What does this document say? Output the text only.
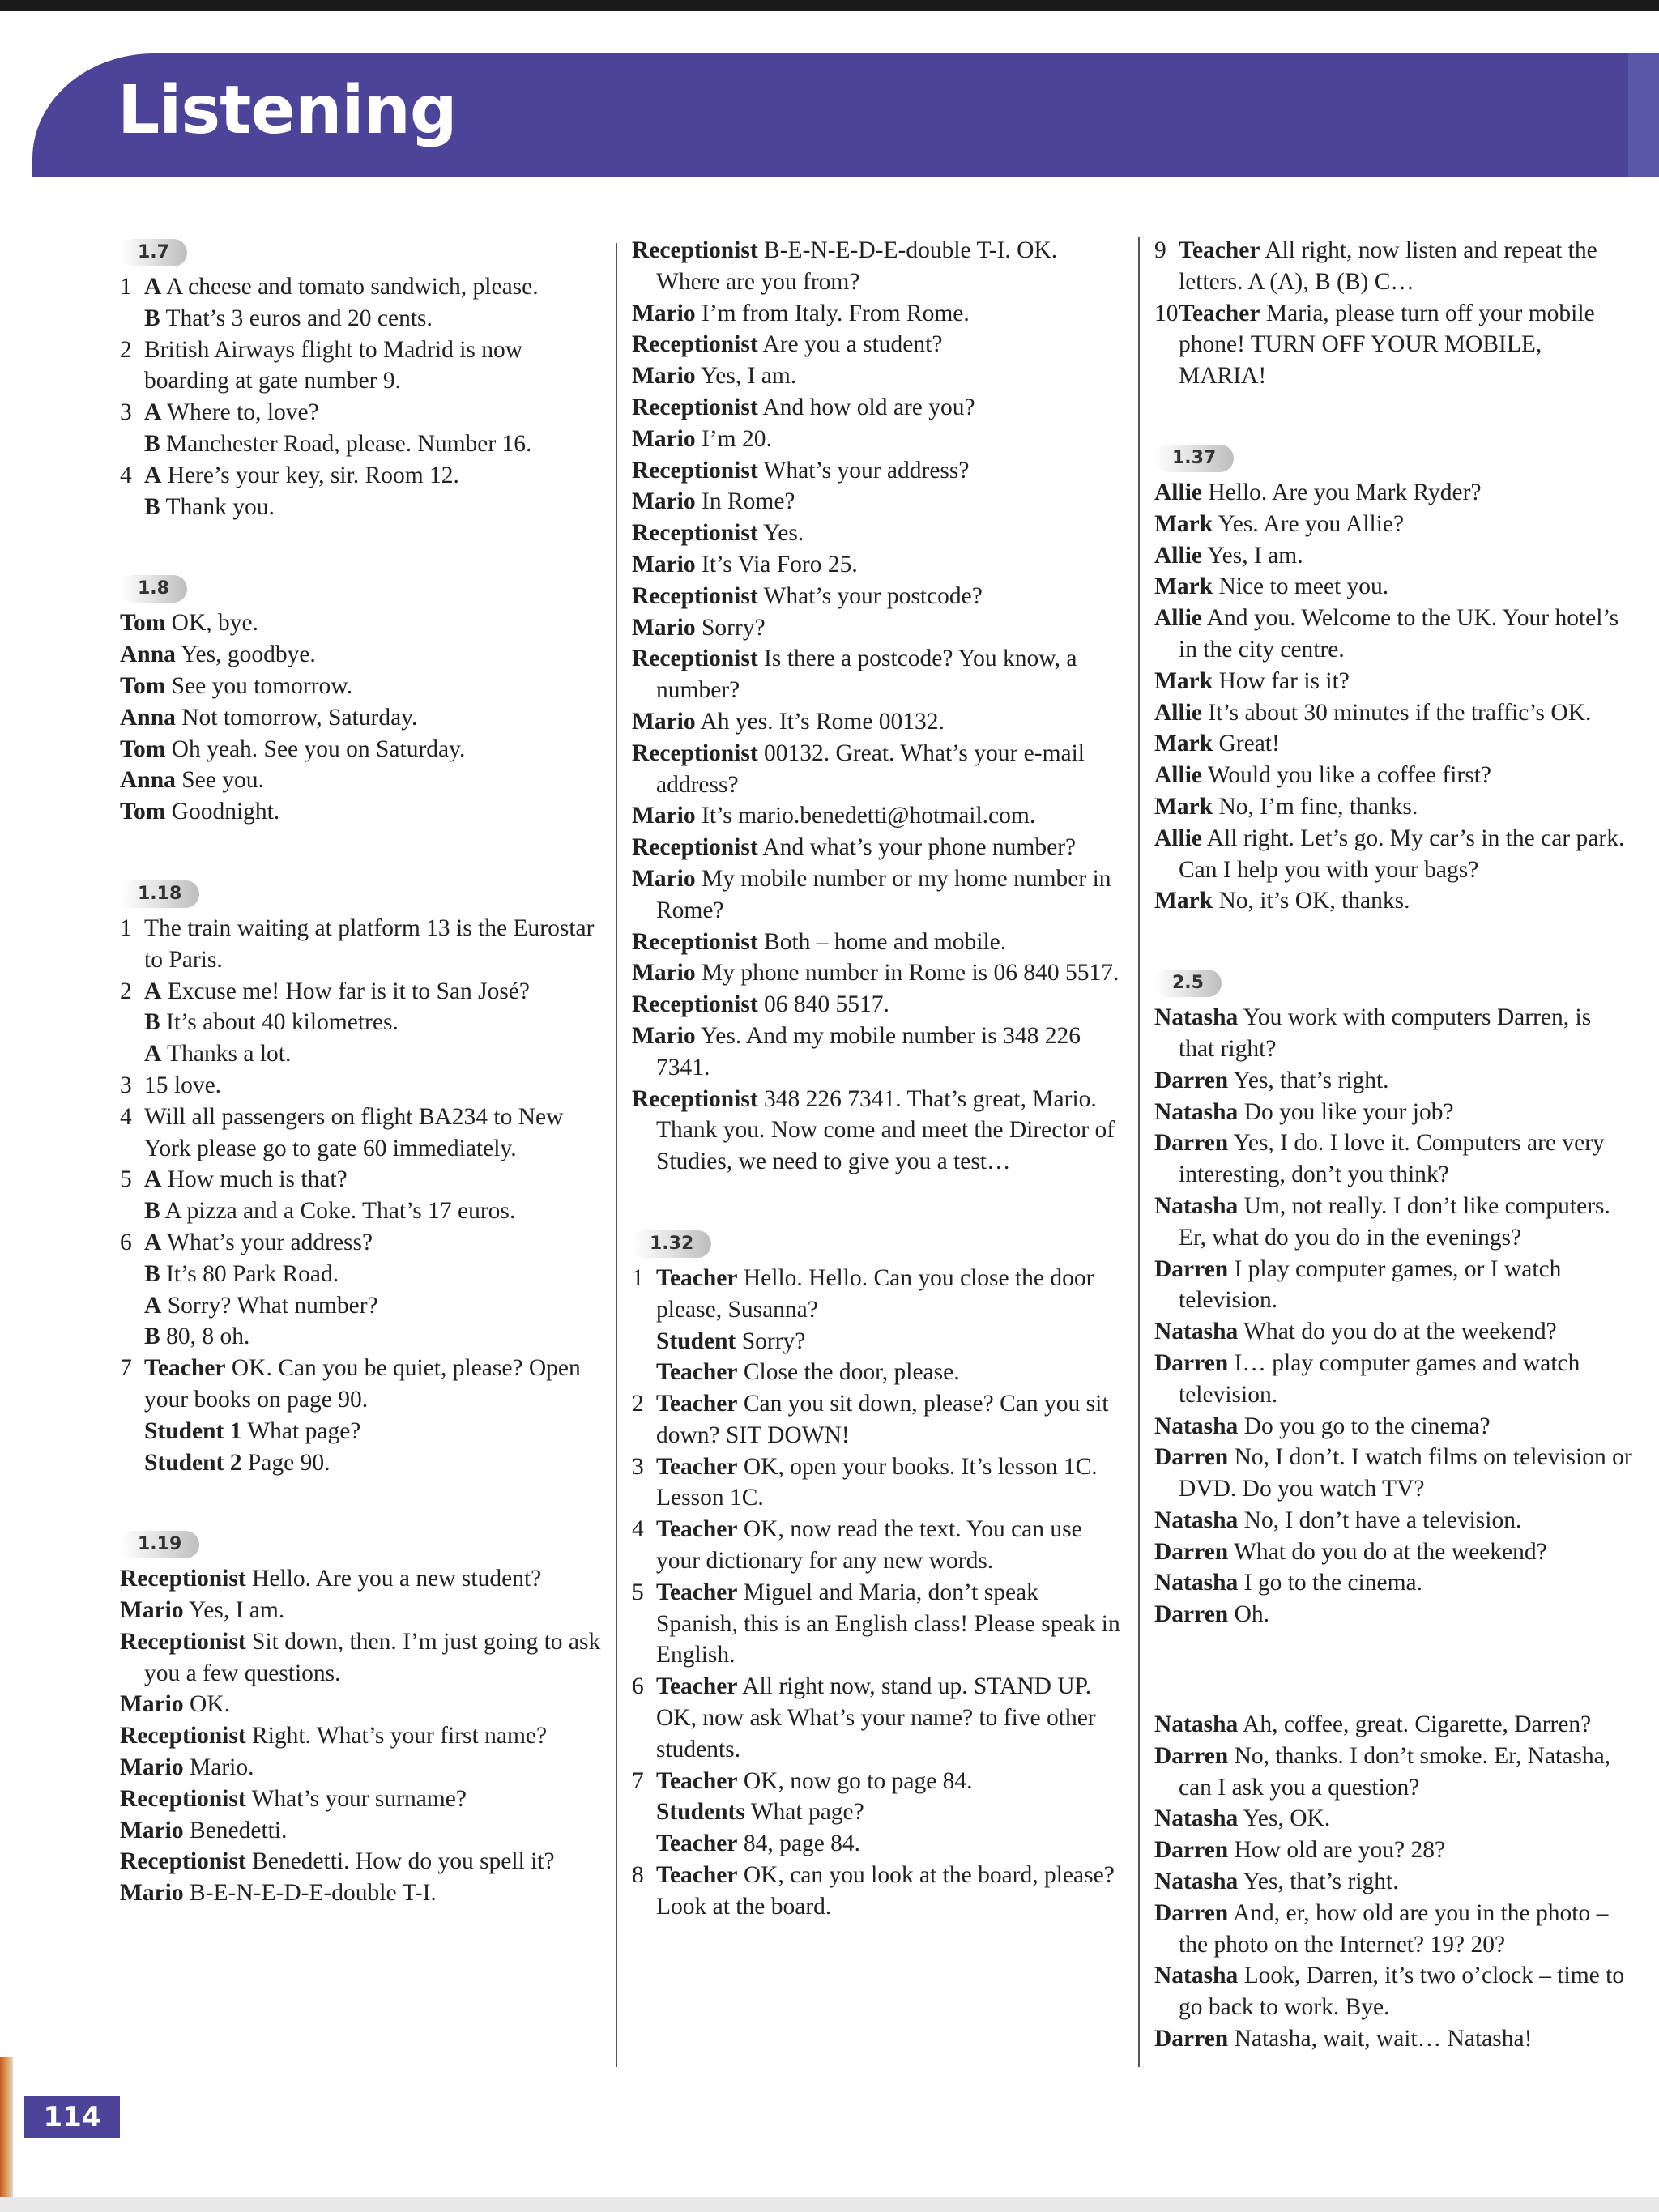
Listening
1.7

1 A A cheese and tomato sandwich, please.

B That’s 3 euros and 20 cents.

2 British Airways flight to Madrid is now boarding at gate number 9.

3 A Where to, love?

B Manchester Road, please. Number 16.

4 A Here’s your key, sir. Room 12.

B Thank you.

1.8

Tom OK, bye.

Anna Yes, goodbye.

Tom See you tomorrow.

Anna Not tomorrow, Saturday.

Tom Oh yeah. See you on Saturday.

Anna See you.

Tom Goodnight.

1.18

1 The train waiting at platform 13 is the Eurostar to Paris.

2 A Excuse me! How far is it to San José?

B It’s about 40 kilometres.

A Thanks a lot.

3 15 love.

4 Will all passengers on flight BA234 to New York please go to gate 60 immediately.

5 A How much is that?

B A pizza and a Coke. That’s 17 euros.

6 A What’s your address?

B It’s 80 Park Road.

A Sorry? What number?

B 80, 8 oh.

7 Teacher OK. Can you be quiet, please? Open your books on page 90.

Student 1 What page?

Student 2 Page 90.

1.19

Receptionist Hello. Are you a new student?

Mario Yes, I am.

Receptionist Sit down, then. I’m just going to ask you a few questions.

Mario OK.

Receptionist Right. What’s your first name?

Mario Mario.

Receptionist What’s your surname?

Mario Benedetti.

Receptionist Benedetti. How do you spell it?

Mario B-E-N-E-D-E-double T-I.

Receptionist B-E-N-E-D-E-double T-I. OK. Where are you from?

Mario I’m from Italy. From Rome.

Receptionist Are you a student?

Mario Yes, I am.

Receptionist And how old are you?

Mario I’m 20.

Receptionist What’s your address?

Mario In Rome?

Receptionist Yes.

Mario It’s Via Foro 25.

Receptionist What’s your postcode?

Mario Sorry?

Receptionist Is there a postcode? You know, a number?

Mario Ah yes. It’s Rome 00132.

Receptionist 00132. Great. What’s your e-mail address?

Mario It’s mario.benedetti@hotmail.com.

Receptionist And what’s your phone number?

Mario My mobile number or my home number in Rome?

Receptionist Both – home and mobile.

Mario My phone number in Rome is 06 840 5517.

Receptionist 06 840 5517.

Mario Yes. And my mobile number is 348 226 7341.

Receptionist 348 226 7341. That’s great, Mario. Thank you. Now come and meet the Director of Studies, we need to give you a test…

1.32

1 Teacher Hello. Hello. Can you close the door please, Susanna?

Student Sorry?

Teacher Close the door, please.

2 Teacher Can you sit down, please? Can you sit down? SIT DOWN!

3 Teacher OK, open your books. It’s lesson 1C. Lesson 1C.

4 Teacher OK, now read the text. You can use your dictionary for any new words.

5 Teacher Miguel and Maria, don’t speak Spanish, this is an English class! Please speak in English.

6 Teacher All right now, stand up. STAND UP. OK, now ask What’s your name? to five other students.

7 Teacher OK, now go to page 84.

Students What page?

Teacher 84, page 84.

8 Teacher OK, can you look at the board, please? Look at the board.

9 Teacher All right, now listen and repeat the letters. A (A), B (B) C…

10Teacher Maria, please turn off your mobile phone! TURN OFF YOUR MOBILE, MARIA!

1.37

Allie Hello. Are you Mark Ryder?

Mark Yes. Are you Allie?

Allie Yes, I am.

Mark Nice to meet you.

Allie And you. Welcome to the UK. Your hotel’s in the city centre.

Mark How far is it?

Allie It’s about 30 minutes if the traffic’s OK.

Mark Great!

Allie Would you like a coffee first?

Mark No, I’m fine, thanks.

Allie All right. Let’s go. My car’s in the car park. Can I help you with your bags?

Mark No, it’s OK, thanks.

2.5

Natasha You work with computers Darren, is that right?

Darren Yes, that’s right.

Natasha Do you like your job?

Darren Yes, I do. I love it. Computers are very interesting, don’t you think?

Natasha Um, not really. I don’t like computers. Er, what do you do in the evenings?

Darren I play computer games, or I watch television.

Natasha What do you do at the weekend?

Darren I… play computer games and watch television.

Natasha Do you go to the cinema?

Darren No, I don’t. I watch films on television or DVD. Do you watch TV?

Natasha No, I don’t have a television.

Darren What do you do at the weekend?

Natasha I go to the cinema.

Darren Oh.

Natasha Ah, coffee, great. Cigarette, Darren?

Darren No, thanks. I don’t smoke. Er, Natasha, can I ask you a question?

Natasha Yes, OK.

Darren How old are you? 28?

Natasha Yes, that’s right.

Darren And, er, how old are you in the photo – the photo on the Internet? 19? 20?

Natasha Look, Darren, it’s two o’clock – time to go back to work. Bye.

Darren Natasha, wait, wait… Natasha!

114
